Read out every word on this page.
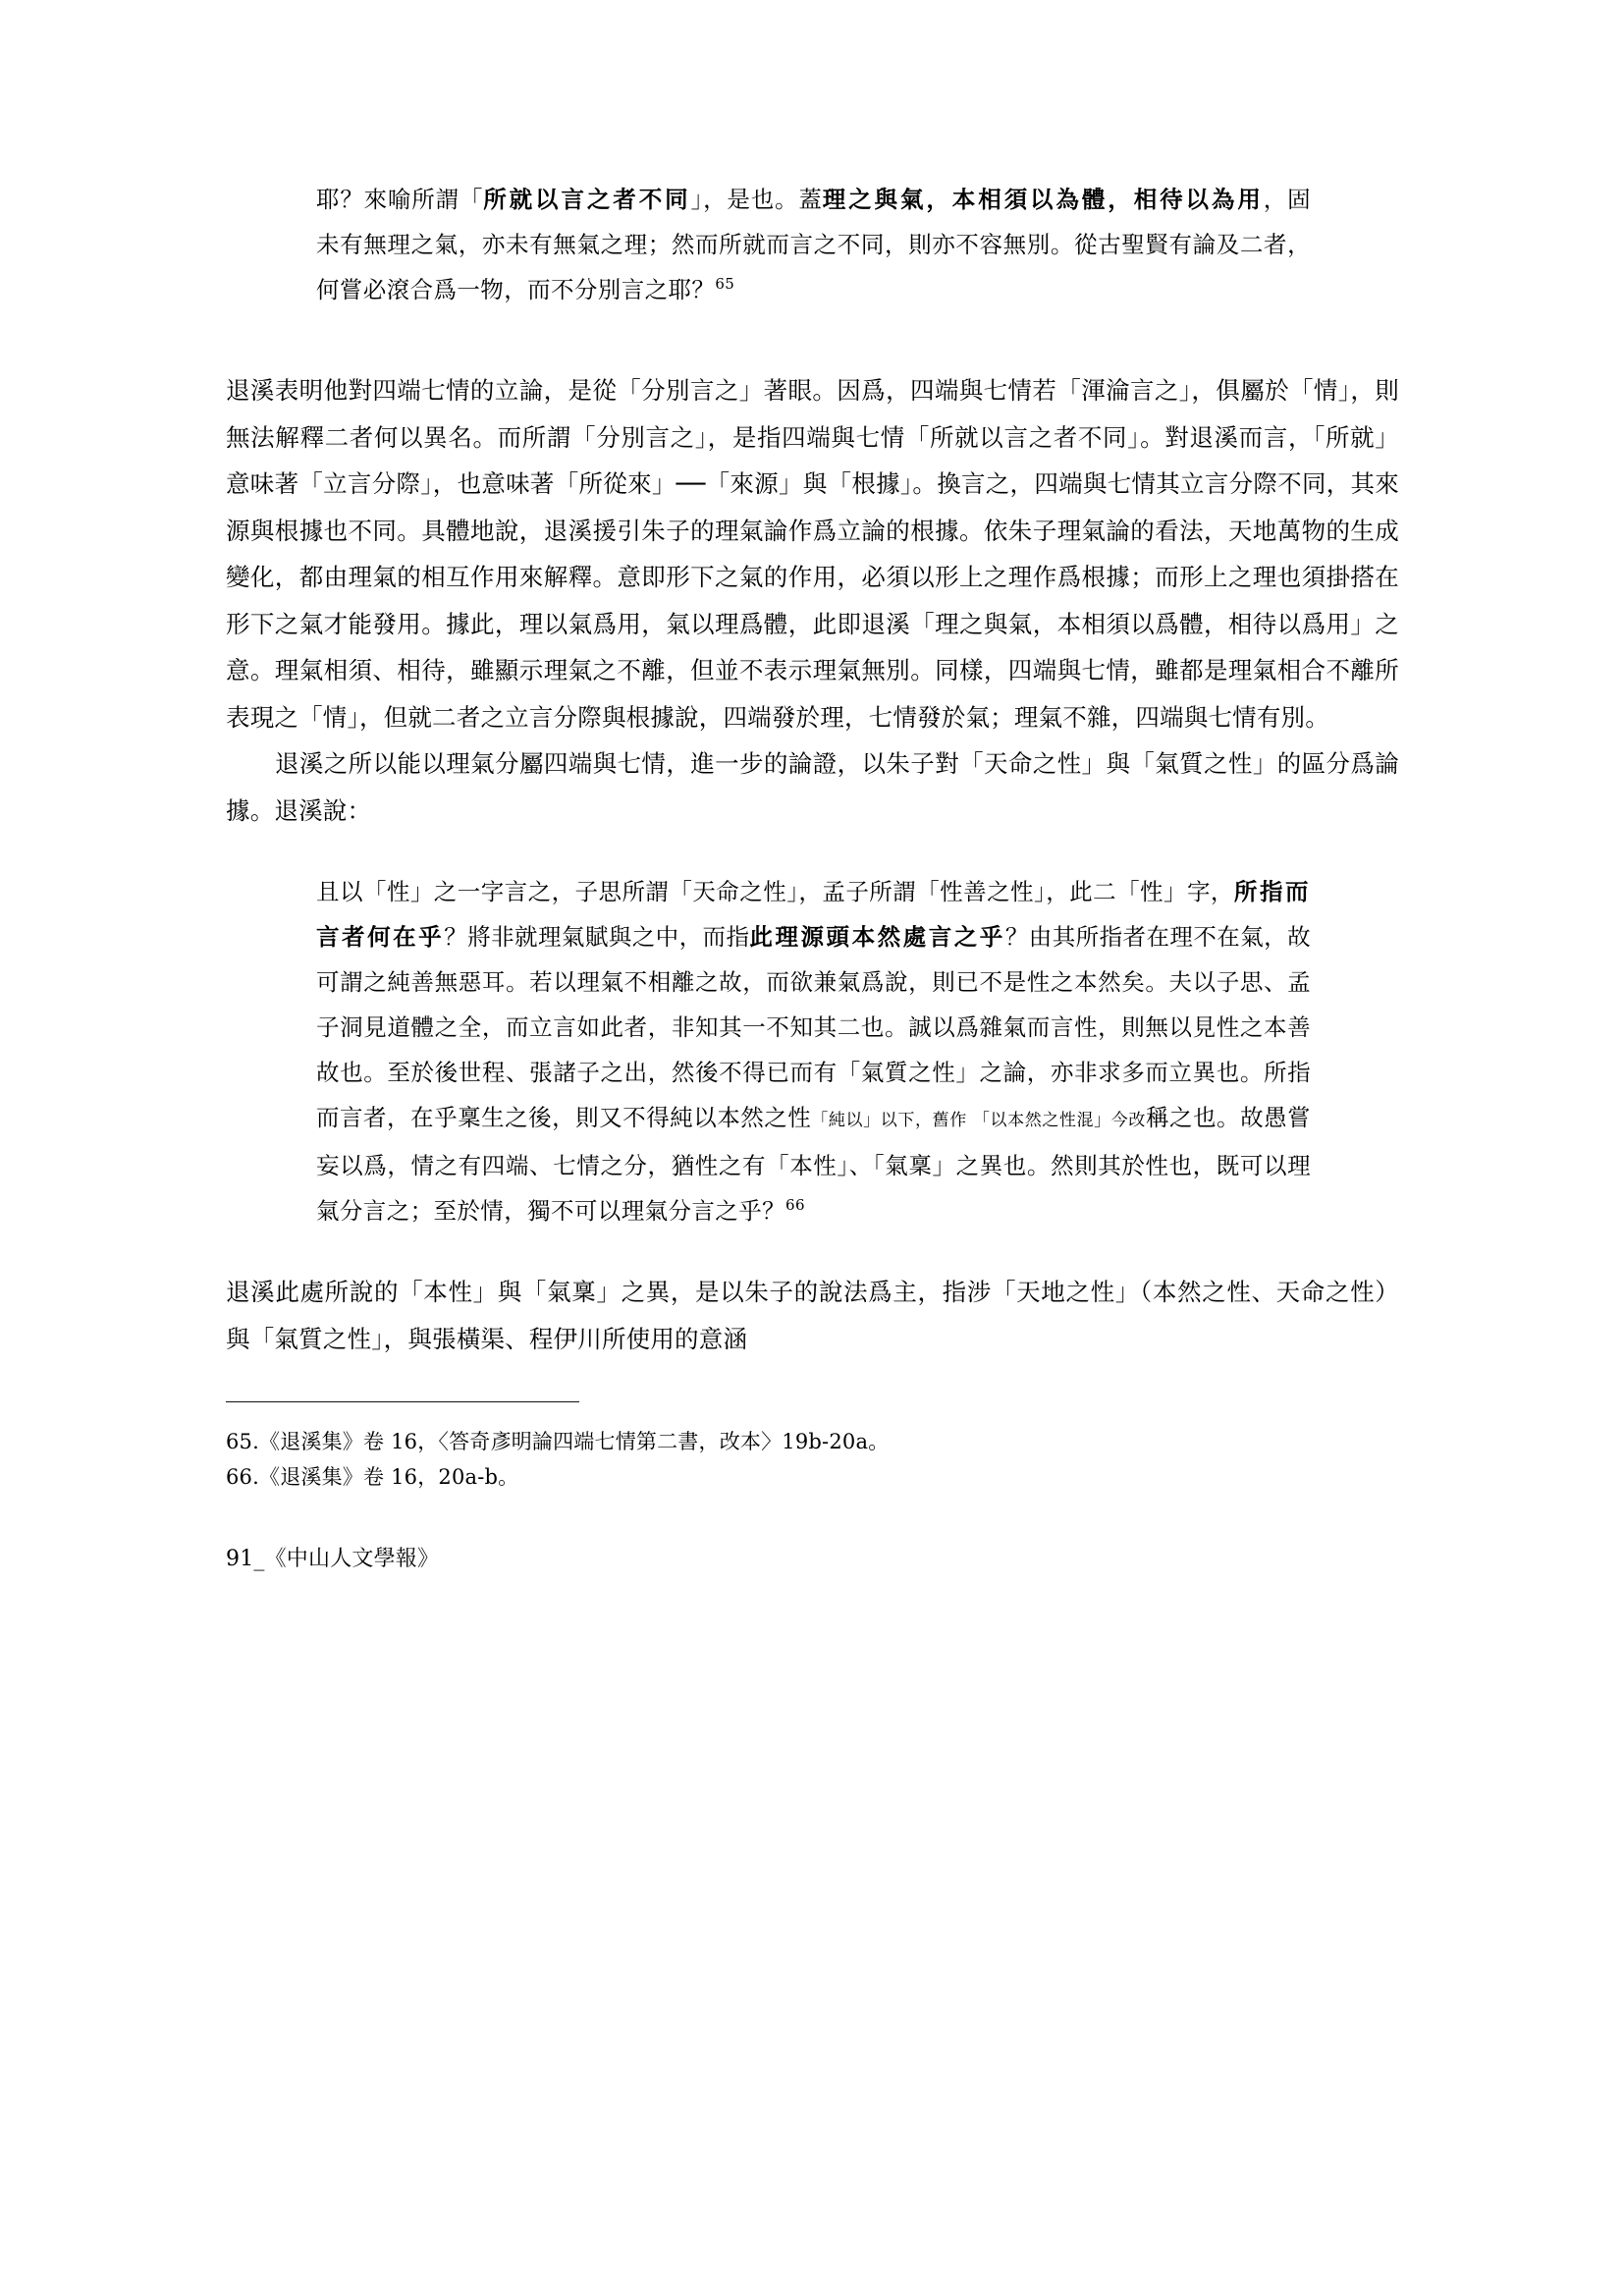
耶？來喻所謂「所就以言之者不同」，是也。蓋理之與氣，本相須以為體，相待以為用，固未有無理之氣，亦未有無氣之理；然而所就而言之不同，則亦不容無別。從古聖賢有論及二者，何嘗必滾合爲一物，而不分別言之耶？$^{65}$

退溪表明他對四端七情的立論，是從「分別言之」著眼。因爲，四端與七情若「渾淪言之」，俱屬於「情」，則無法解釋二者何以異名。而所謂「分別言之」，是指四端與七情「所就以言之者不同」。對退溪而言，「所就」意味著「立言分際」，也意味著「所從來」──「來源」與「根據」。換言之，四端與七情其立言分際不同，其來源與根據也不同。具體地說，退溪援引朱子的理氣論作爲立論的根據。依朱子理氣論的看法，天地萬物的生成變化，都由理氣的相互作用來解釋。意即形下之氣的作用，必須以形上之理作爲根據；而形上之理也須掛搭在形下之氣才能發用。據此，理以氣爲用，氣以理爲體，此即退溪「理之與氣，本相須以爲體，相待以爲用」之意。理氣相須、相待，雖顯示理氣之不離，但並不表示理氣無別。同樣，四端與七情，雖都是理氣相合不離所表現之「情」，但就二者之立言分際與根據說，四端發於理，七情發於氣；理氣不雜，四端與七情有別。

退溪之所以能以理氣分屬四端與七情，進一步的論證，以朱子對「天命之性」與「氣質之性」的區分爲論據。退溪說：

且以「性」之一字言之，子思所謂「天命之性」，孟子所謂「性善之性」，此二「性」字，所指而言者何在乎？將非就理氣賦與之中，而指此理源頭本然處言之乎？由其所指者在理不在氣，故可謂之純善無惡耳。若以理氣不相離之故，而欲兼氣爲說，則已不是性之本然矣。夫以子思、孟子洞見道體之全，而立言如此者，非知其一不知其二也。誠以爲雜氣而言性，則無以見性之本善故也。至於後世程、張諸子之出，然後不得已而有「氣質之性」之論，亦非求多而立異也。所指而言者，在乎稟生之後，則又不得純以本然之性「純以」以下，舊作 「以本然之性混」今改稱之也。故愚嘗妄以爲，情之有四端、七情之分，猶性之有「本性」、「氣稟」之異也。然則其於性也，既可以理氣分言之；至於情，獨不可以理氣分言之乎？$^{66}$

退溪此處所說的「本性」與「氣稟」之異，是以朱子的說法爲主，指涉「天地之性」（本然之性、天命之性）與「氣質之性」，與張橫渠、程伊川所使用的意涵

65.《退溪集》卷 16，〈答奇彥明論四端七情第二書，改本〉19b-20a。

66.《退溪集》卷 16，20a-b。

91_《中山人文學報》
